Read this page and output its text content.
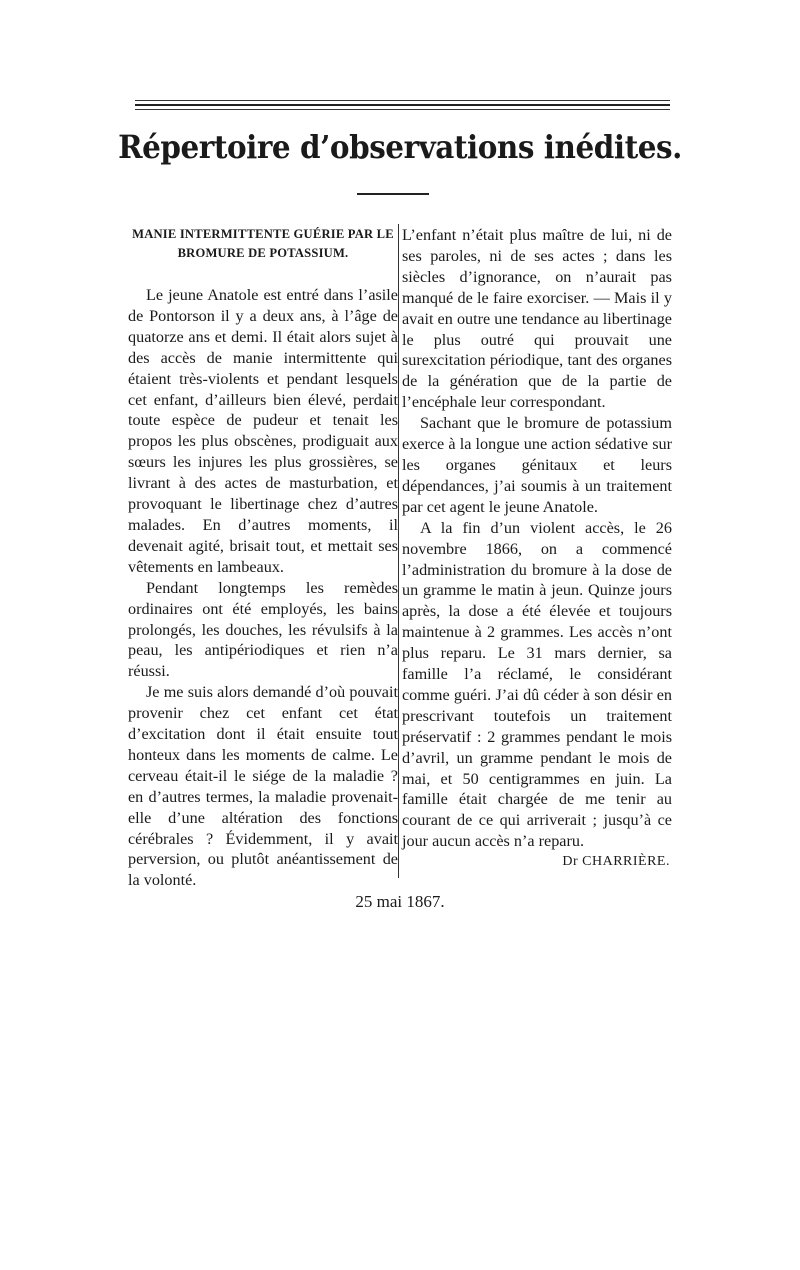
Répertoire d’observations inédites.
MANIE INTERMITTENTE GUÉRIE PAR LE BROMURE DE POTASSIUM.

Le jeune Anatole est entré dans l’asile de Pontorson il y a deux ans, à l’âge de quatorze ans et demi. Il était alors sujet à des accès de manie intermittente qui étaient très-violents et pendant lesquels cet enfant, d’ailleurs bien élevé, perdait toute espèce de pudeur et tenait les propos les plus obscènes, prodiguait aux sœurs les injures les plus grossières, se livrant à des actes de masturbation, et provoquant le libertinage chez d’autres malades. En d’autres moments, il devenait agité, brisait tout, et mettait ses vêtements en lambeaux.

Pendant longtemps les remèdes ordinaires ont été employés, les bains prolongés, les douches, les révulsifs à la peau, les antipériodiques et rien n’a réussi.

Je me suis alors demandé d’où pouvait provenir chez cet enfant cet état d’excitation dont il était ensuite tout honteux dans les moments de calme. Le cerveau était-il le siége de la maladie ? en d’autres termes, la maladie provenait-elle d’une altération des fonctions cérébrales ? Évidemment, il y avait perversion, ou plutôt anéantissement de la volonté.

L’enfant n’était plus maître de lui, ni de ses paroles, ni de ses actes ; dans les siècles d’ignorance, on n’aurait pas manqué de le faire exorciser. — Mais il y avait en outre une tendance au libertinage le plus outré qui prouvait une surexcitation périodique, tant des organes de la génération que de la partie de l’encéphale leur correspondant.

Sachant que le bromure de potassium exerce à la longue une action sédative sur les organes génitaux et leurs dépendances, j’ai soumis à un traitement par cet agent le jeune Anatole.

A la fin d’un violent accès, le 26 novembre 1866, on a commencé l’administration du bromure à la dose de un gramme le matin à jeun. Quinze jours après, la dose a été élevée et toujours maintenue à 2 grammes. Les accès n’ont plus reparu. Le 31 mars dernier, sa famille l’a réclamé, le considérant comme guéri. J’ai dû céder à son désir en prescrivant toutefois un traitement préservatif : 2 grammes pendant le mois d’avril, un gramme pendant le mois de mai, et 50 centigrammes en juin. La famille était chargée de me tenir au courant de ce qui arriverait ; jusqu’à ce jour aucun accès n’a reparu.

Dr CHARRIÈRE.

25 mai 1867.
